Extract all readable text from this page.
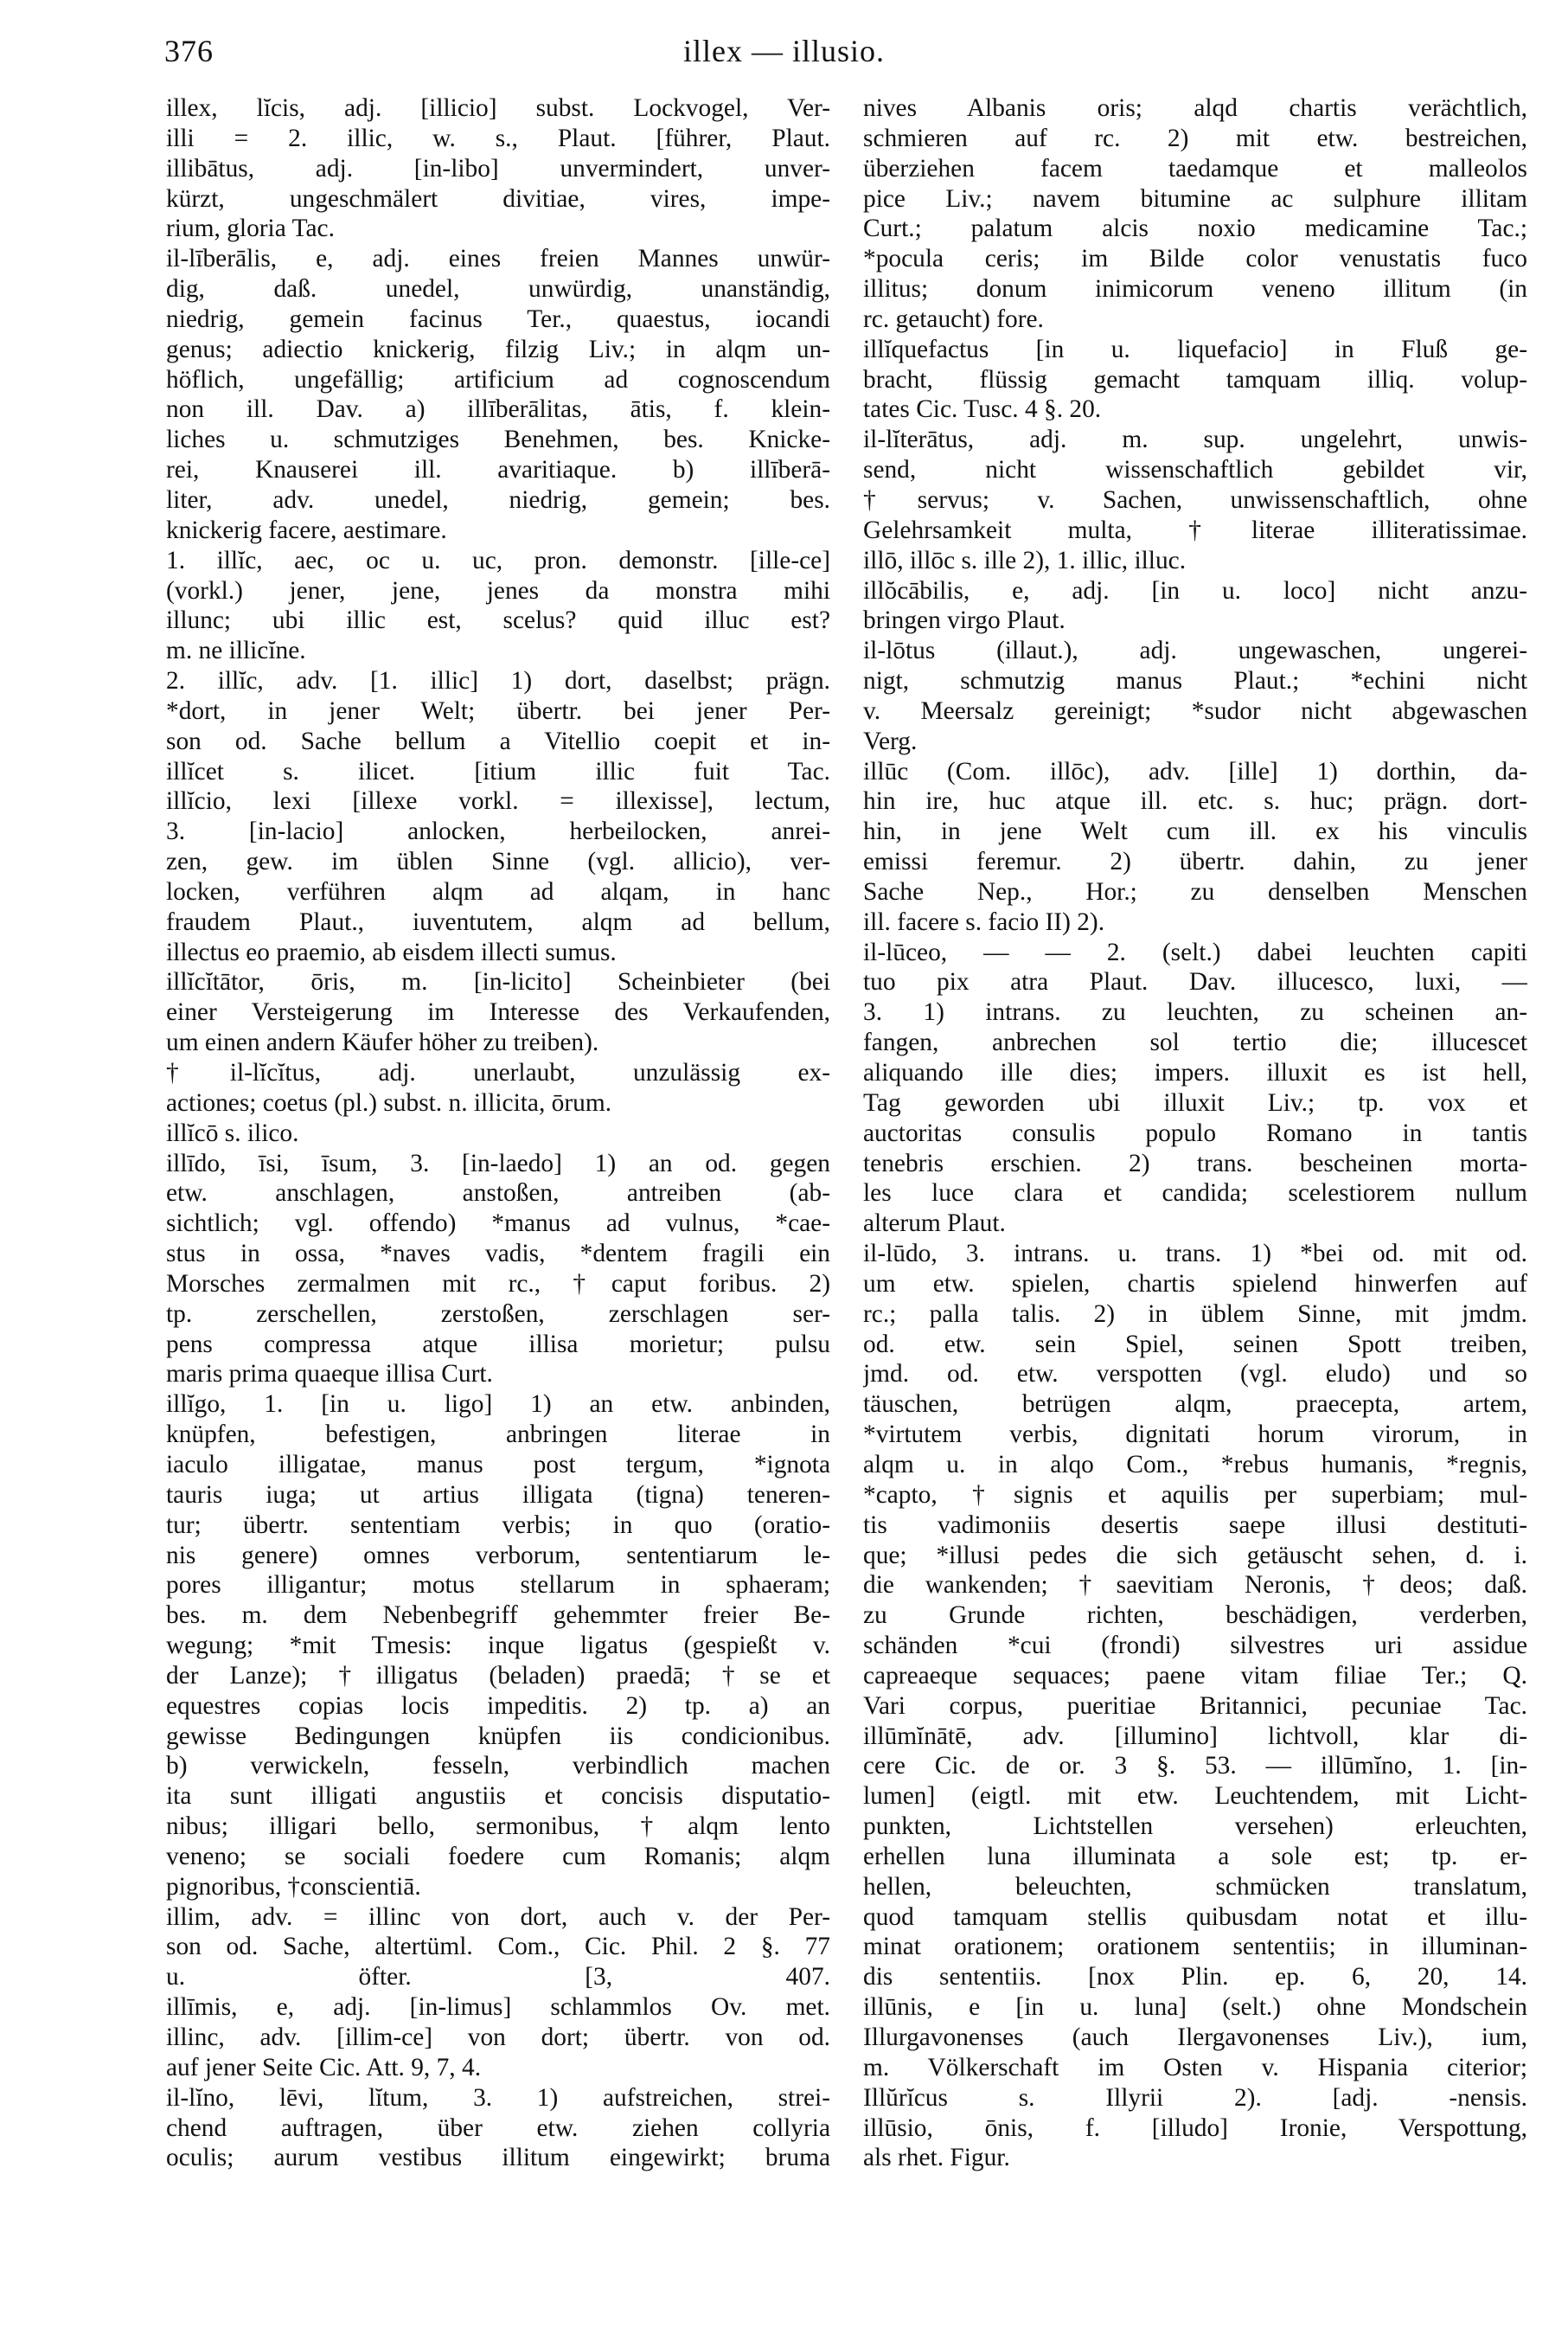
376	illex — illusio.
illex, lĭcis, adj. [illicio] subst. Lockvogel, Ver-
illi = 2. illic, w. s., Plaut. [führer, Plaut.
illibātus, adj. [in-libo] unvermindert, unver-
kürzt, ungeschmälert divitiae, vires, impe-
rium, gloria Tac.
il-līberālis, e, adj. eines freien Mannes unwür-
dig, daß. unedel, unwürdig, unanständig,
niedrig, gemein facinus Ter., quaestus, iocandi
genus; adiectio knickerig, filzig Liv.; in alqm un-
höflich, ungefällig; artificium ad cognoscendum
non ill. Dav. a) illīberālitas, ātis, f. klein-
liches u. schmutziges Benehmen, bes. Knicke-
rei, Knauserei ill. avaritiaque. b) illīberā-
liter, adv. unedel, niedrig, gemein; bes.
knickerig facere, aestimare.
1. illĭc, aec, oc u. uc, pron. demonstr. [ille-ce]
(vorkl.) jener, jene, jenes da monstra mihi
illunc; ubi illic est, scelus? quid illuc est?
m. ne illicĭne.
2. illĭc, adv. [1. illic] 1) dort, daselbst; prägn.
*dort, in jener Welt; übertr. bei jener Per-
son od. Sache bellum a Vitellio coepit et in-
illĭcet s. ilicet. [itium illic fuit Tac.
illĭcio, lexi [illexe vorkl. = illexisse], lectum,
3. [in-lacio] anlocken, herbeilocken, anrei-
zen, gew. im üblen Sinne (vgl. allicio), ver-
locken, verführen alqm ad alqam, in hanc
fraudem Plaut., iuventutem, alqm ad bellum,
illectus eo praemio, ab eisdem illecti sumus.
illĭcĭtātor, ōris, m. [in-licito] Scheinbieter (bei
einer Versteigerung im Interesse des Verkaufenden,
um einen andern Käufer höher zu treiben).
†il-lĭcĭtus, adj. unerlaubt, unzulässig ex-
actiones; coetus (pl.) subst. n. illicita, ōrum.
illĭcō s. ilico.
illīdo, īsi, īsum, 3. [in-laedo] 1) an od. gegen
etw. anschlagen, anstoßen, antreiben (ab-
sichtlich; vgl. offendo) *manus ad vulnus, *cae-
stus in ossa, *naves vadis, *dentem fragili ein
Morsches zermalmen mit rc., †caput foribus. 2)
tp. zerschellen, zerstoßen, zerschlagen ser-
pens compressa atque illisa morietur; pulsu
maris prima quaeque illisa Curt.
illĭgo, 1. [in u. ligo] 1) an etw. anbinden,
knüpfen, befestigen, anbringen literae in
iaculo illigatae, manus post tergum, *ignota
tauris iuga; ut artius illigata (tigna) teneren-
tur; übertr. sententiam verbis; in quo (oratio-
nis genere) omnes verborum, sententiarum le-
pores illigantur; motus stellarum in sphaeram;
bes. m. dem Nebenbegriff gehemmter freier Be-
wegung; *mit Tmesis: inque ligatus (gespießt v.
der Lanze); †illigatus (beladen) praedā; †se et
equestres copias locis impeditis. 2) tp. a) an
gewisse Bedingungen knüpfen iis condicionibus.
b) verwickeln, fesseln, verbindlich machen
ita sunt illigati angustiis et concisis disputatio-
nibus; illigari bello, sermonibus, †alqm lento
veneno; se sociali foedere cum Romanis; alqm
pignoribus, †conscientiā.
illim, adv. = illinc von dort, auch v. der Per-
son od. Sache, altertüml. Com., Cic. Phil. 2 §. 77
u. öfter. [3, 407.
illīmis, e, adj. [in-limus] schlammlos Ov. met.
illinc, adv. [illim-ce] von dort; übertr. von od.
auf jener Seite Cic. Att. 9, 7, 4.
il-lĭno, lēvi, lĭtum, 3. 1) aufstreichen, strei-
chend auftragen, über etw. ziehen collyria
oculis; aurum vestibus illitum eingewirkt; bruma
nives Albanis oris; alqd chartis verächtlich,
schmieren auf rc. 2) mit etw. bestreichen,
überziehen facem taedamque et malleolos
pice Liv.; navem bitumine ac sulphure illitam
Curt.; palatum alcis noxio medicamine Tac.;
*pocula ceris; im Bilde color venustatis fuco
illitus; donum inimicorum veneno illitum (in
rc. getaucht) fore.
illĭquefactus [in u. liquefacio] in Fluß ge-
bracht, flüssig gemacht tamquam illiq. volup-
tates Cic. Tusc. 4 §. 20.
il-lĭterātus, adj. m. sup. ungelehrt, unwis-
send, nicht wissenschaftlich gebildet vir,
†servus; v. Sachen, unwissenschaftlich, ohne
Gelehrsamkeit multa, †literae illiteratissimae.
illō, illōc s. ille 2), 1. illic, illuc.
illŏcābilis, e, adj. [in u. loco] nicht anzu-
bringen virgo Plaut.
il-lōtus (illaut.), adj. ungewaschen, ungerei-
nigt, schmutzig manus Plaut.; *echini nicht
v. Meersalz gereinigt; *sudor nicht abgewaschen
Verg.
illūc (Com. illōc), adv. [ille] 1) dorthin, da-
hin ire, huc atque ill. etc. s. huc; prägn. dort-
hin, in jene Welt cum ill. ex his vinculis
emissi feremur. 2) übertr. dahin, zu jener
Sache Nep., Hor.; zu denselben Menschen
ill. facere s. facio II) 2).
il-lūceo, — — 2. (selt.) dabei leuchten capiti
tuo pix atra Plaut. Dav. illucesco, luxi, —
3. 1) intrans. zu leuchten, zu scheinen an-
fangen, anbrechen sol tertio die; illucescet
aliquando ille dies; impers. illuxit es ist hell,
Tag geworden ubi illuxit Liv.; tp. vox et
auctoritas consulis populo Romano in tantis
tenebris erschien. 2) trans. bescheinen morta-
les luce clara et candida; scelestiorem nullum
alterum Plaut.
il-lūdo, 3. intrans. u. trans. 1) *bei od. mit od.
um etw. spielen, chartis spielend hinwerfen auf
rc.; palla talis. 2) in üblem Sinne, mit jmdm.
od. etw. sein Spiel, seinen Spott treiben,
jmd. od. etw. verspotten (vgl. eludo) und so
täuschen, betrügen alqm, praecepta, artem,
*virtutem verbis, dignitati horum virorum, in
alqm u. in alqo Com., *rebus humanis, *regnis,
*capto, †signis et aquilis per superbiam; mul-
tis vadimoniis desertis saepe illusi destituti-
que; *illusi pedes die sich getäuscht sehen, d. i.
die wankenden; †saevitiam Neronis, †deos; daß.
zu Grunde richten, beschädigen, verderben,
schänden *cui (frondi) silvestres uri assidue
capreaeque sequaces; paene vitam filiae Ter.; Q.
Vari corpus, pueritiae Britannici, pecuniae Tac.
illūmĭnātē, adv. [illumino] lichtvoll, klar di-
cere Cic. de or. 3 §. 53. — illūmĭno, 1. [in-
lumen] (eigtl. mit etw. Leuchtendem, mit Licht-
punkten, Lichtstellen versehen) erleuchten,
erhellen luna illuminata a sole est; tp. er-
hellen, beleuchten, schmücken translatum,
quod tamquam stellis quibusdam notat et illu-
minat orationem; orationem sententiis; in illuminan-
dis sententiis. [nox Plin. ep. 6, 20, 14.
illūnis, e [in u. luna] (selt.) ohne Mondschein
Illurgavonenses (auch Ilergavonenses Liv.), ium,
m. Völkerschaft im Osten v. Hispania citerior;
Illŭrĭcus s. Illyrii 2). [adj. -nensis.
illūsio, ōnis, f. [illudo] Ironie, Verspottung,
als rhet. Figur.
